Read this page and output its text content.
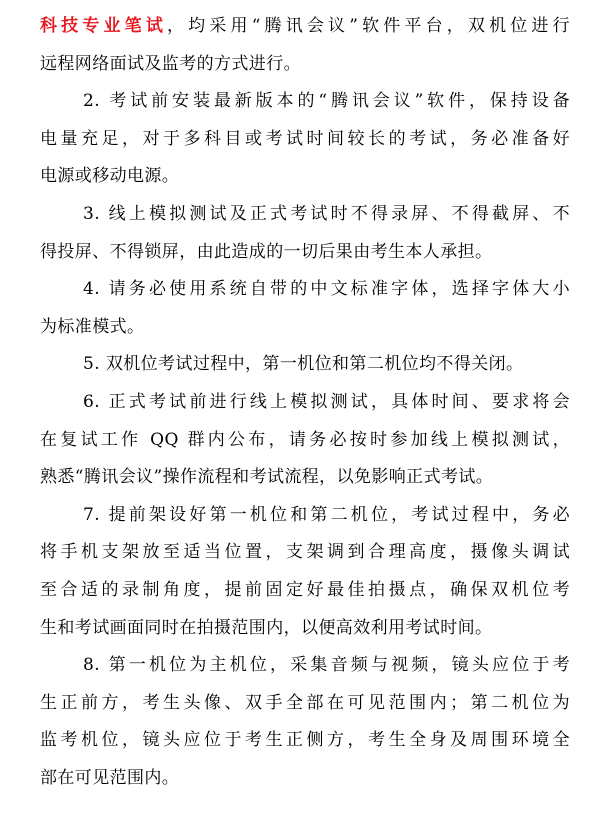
科技专业笔试，均采用“腾讯会议”软件平台，双机位进行
远程网络面试及监考的方式进行。
2. 考试前安装最新版本的“腾讯会议”软件，保持设备
电量充足，对于多科目或考试时间较长的考试，务必准备好
电源或移动电源。
3. 线上模拟测试及正式考试时不得录屏、不得截屏、不
得投屏、不得锁屏，由此造成的一切后果由考生本人承担。
4. 请务必使用系统自带的中文标准字体，选择字体大小
为标准模式。
5. 双机位考试过程中，第一机位和第二机位均不得关闭。
6. 正式考试前进行线上模拟测试，具体时间、要求将会
在复试工作 QQ 群内公布，请务必按时参加线上模拟测试，
熟悉“腾讯会议”操作流程和考试流程，以免影响正式考试。
7. 提前架设好第一机位和第二机位，考试过程中，务必
将手机支架放至适当位置，支架调到合理高度，摄像头调试
至合适的录制角度，提前固定好最佳拍摄点，确保双机位考
生和考试画面同时在拍摄范围内，以便高效利用考试时间。
8. 第一机位为主机位，采集音频与视频，镜头应位于考
生正前方，考生头像、双手全部在可见范围内；第二机位为
监考机位，镜头应位于考生正侧方，考生全身及周围环境全
部在可见范围内。
